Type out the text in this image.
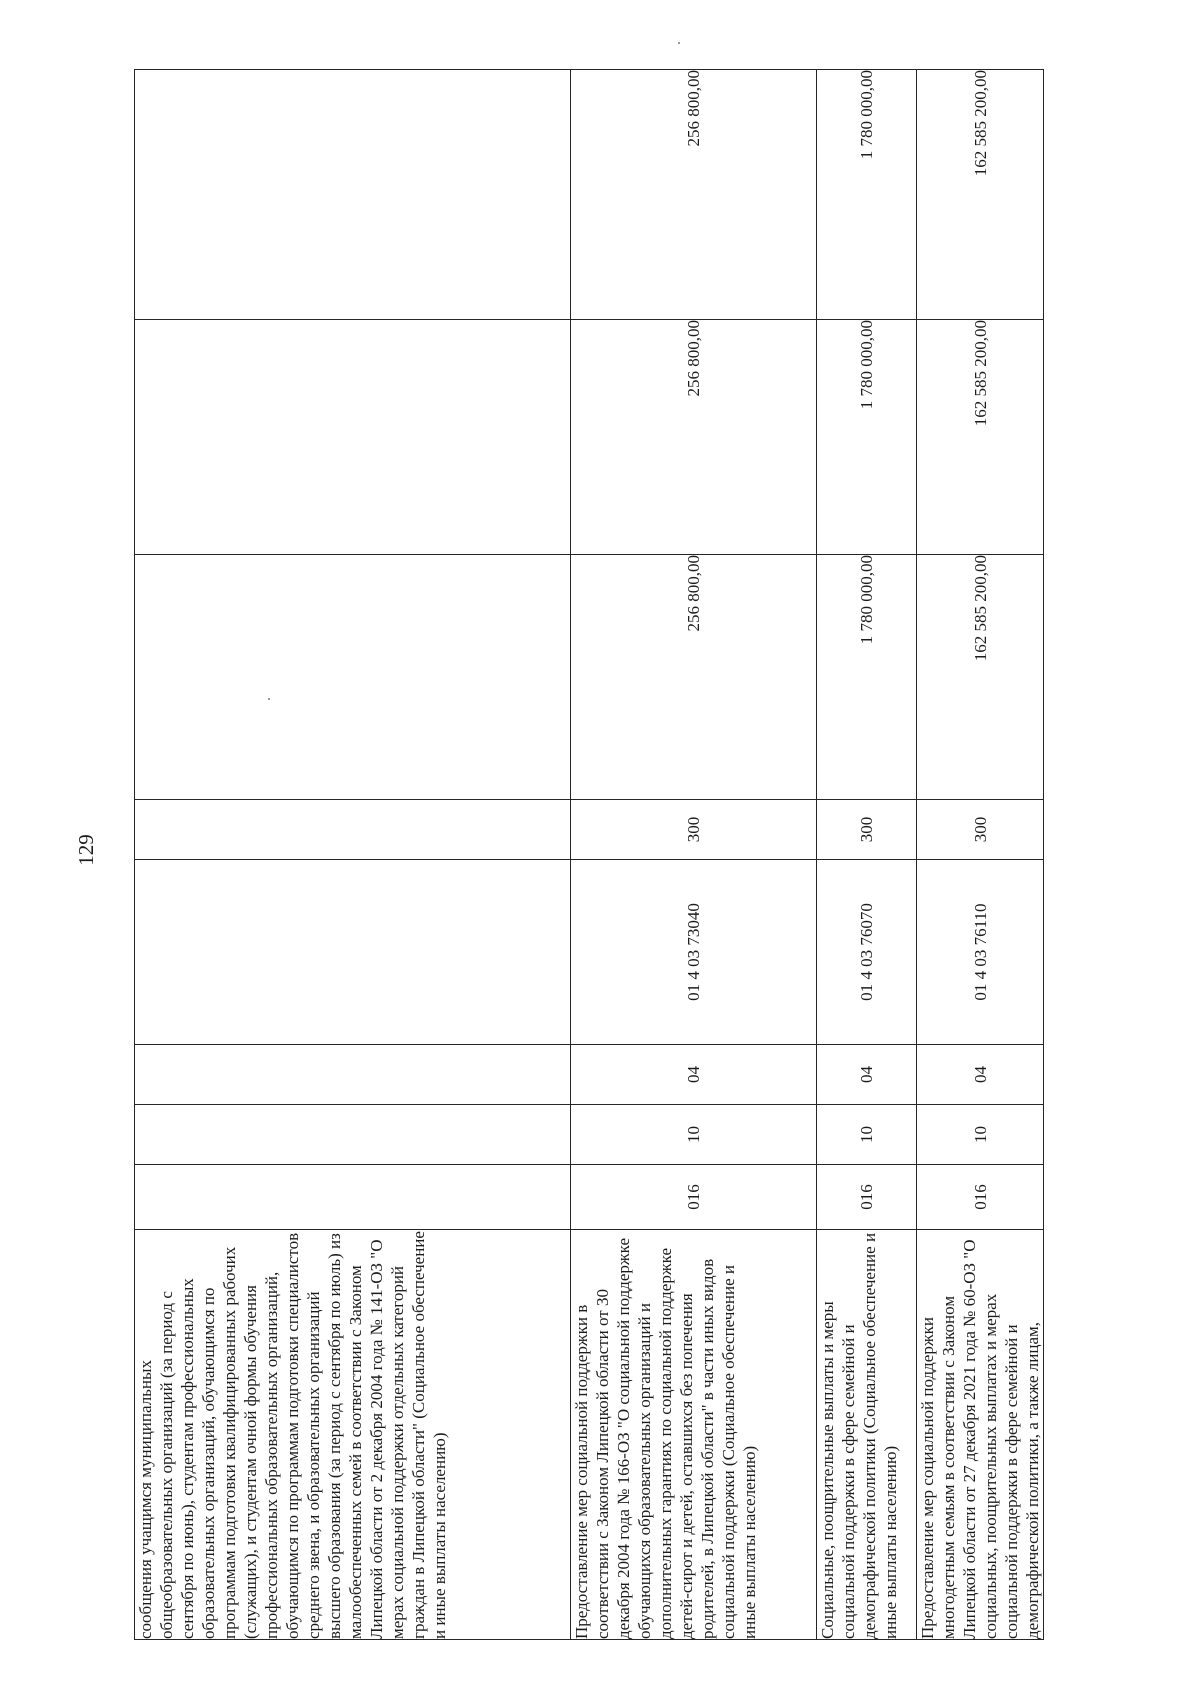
129
сообщения учащимся муниципальных общеобразовательных организаций (за период с сентября по июнь), студентам профессиональных образовательных организаций, обучающимся по программам подготовки квалифицированных рабочих (служащих), и студентам очной формы обучения профессиональных образовательных организаций, обучающимся по программам подготовки специалистов среднего звена, и образовательных организаций высшего образования (за период с сентября по июль) из малообеспеченных семей в соответствии с Законом Липецкой области от 2 декабря 2004 года № 141-ОЗ "О мерах социальной поддержки отдельных категорий граждан в Липецкой области" (Социальное обеспечение и иные выплаты населению)								
Предоставление мер социальной поддержки в соответствии с Законом Липецкой области от 30 декабря 2004 года № 166-ОЗ "О социальной поддержке обучающихся образовательных организаций и дополнительных гарантиях по социальной поддержке детей-сирот и детей, оставшихся без попечения родителей, в Липецкой области" в части иных видов социальной поддержки (Социальное обеспечение и иные выплаты населению)	016	10	04	01 4 03 73040	300	256 800,00	256 800,00	256 800,00
Социальные, поощрительные выплаты и меры социальной поддержки в сфере семейной и демографической политики (Социальное обеспечение и иные выплаты населению)	016	10	04	01 4 03 76070	300	1 780 000,00	1 780 000,00	1 780 000,00
Предоставление мер социальной поддержки многодетным семьям в соответствии с Законом Липецкой области от 27 декабря 2021 года № 60-ОЗ "О социальных, поощрительных выплатах и мерах социальной поддержки в сфере семейной и демографической политики, а также лицам,	016	10	04	01 4 03 76110	300	162 585 200,00	162 585 200,00	162 585 200,00
